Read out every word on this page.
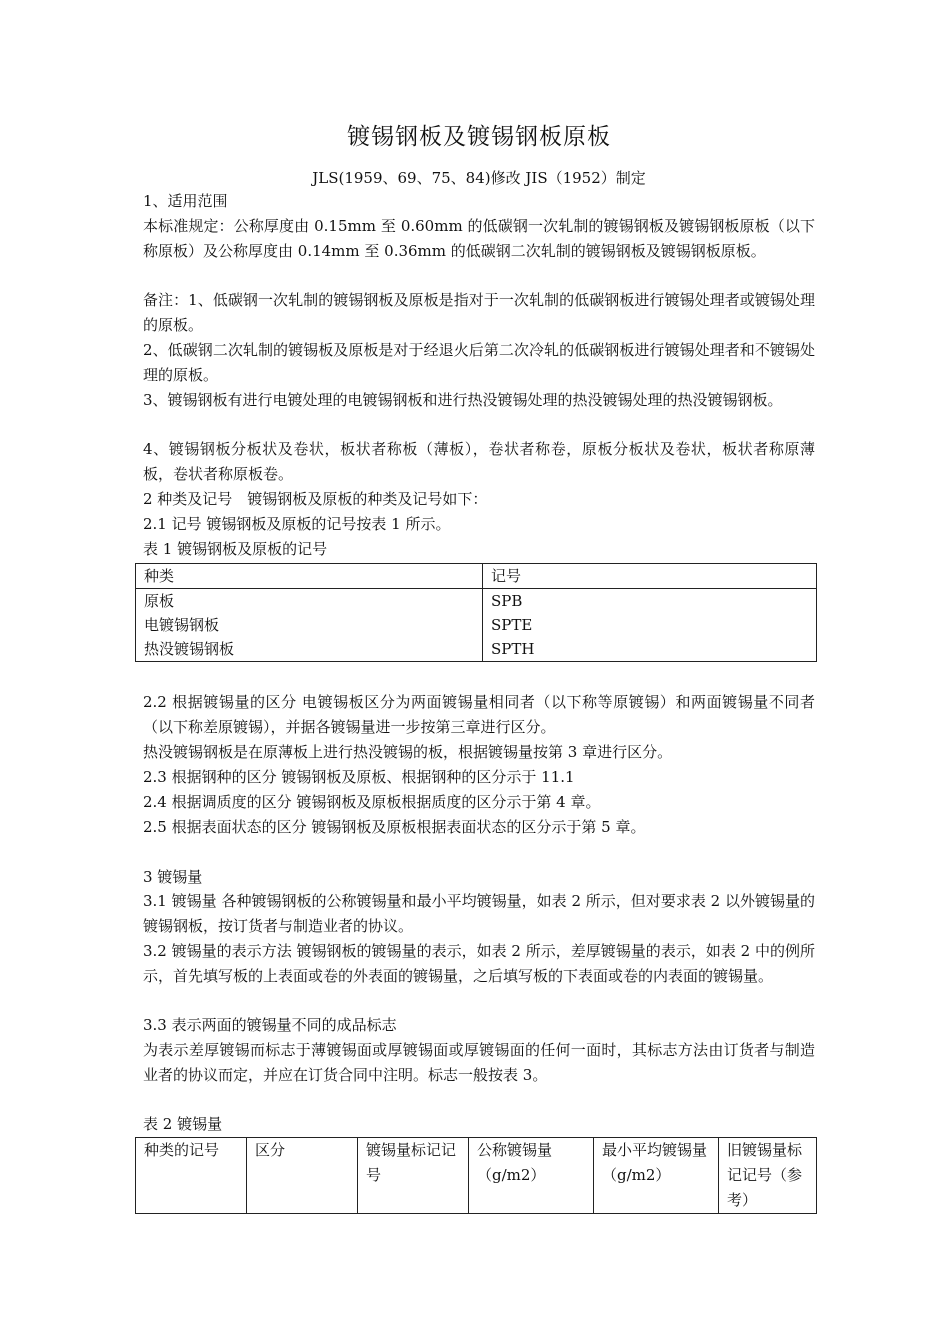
镀锡钢板及镀锡钢板原板
JLS(1959、69、75、84)修改 JIS（1952）制定

1、适用范围

本标准规定：公称厚度由 0.15mm 至 0.60mm 的低碳钢一次轧制的镀锡钢板及镀锡钢板原板（以下称原板）及公称厚度由 0.14mm 至 0.36mm 的低碳钢二次轧制的镀锡钢板及镀锡钢板原板。

备注：1、低碳钢一次轧制的镀锡钢板及原板是指对于一次轧制的低碳钢板进行镀锡处理者或镀锡处理的原板。

2、低碳钢二次轧制的镀锡板及原板是对于经退火后第二次冷轧的低碳钢板进行镀锡处理者和不镀锡处理的原板。

3、镀锡钢板有进行电镀处理的电镀锡钢板和进行热没镀锡处理的热没镀锡处理的热没镀锡钢板。

4、镀锡钢板分板状及卷状，板状者称板（薄板），卷状者称卷，原板分板状及卷状，板状者称原薄板，卷状者称原板卷。

2 种类及记号　镀锡钢板及原板的种类及记号如下：

2.1 记号 镀锡钢板及原板的记号按表 1 所示。

表 1 镀锡钢板及原板的记号

种类	记号
原板	SPB
电镀锡钢板	SPTE
热没镀锡钢板	SPTH

2.2 根据镀锡量的区分 电镀锡板区分为两面镀锡量相同者（以下称等原镀锡）和两面镀锡量不同者（以下称差原镀锡），并据各镀锡量进一步按第三章进行区分。

热没镀锡钢板是在原薄板上进行热没镀锡的板，根据镀锡量按第 3 章进行区分。

2.3 根据钢种的区分 镀锡钢板及原板、根据钢种的区分示于 11.1

2.4 根据调质度的区分 镀锡钢板及原板根据质度的区分示于第 4 章。

2.5 根据表面状态的区分 镀锡钢板及原板根据表面状态的区分示于第 5 章。

3 镀锡量

3.1 镀锡量 各种镀锡钢板的公称镀锡量和最小平均镀锡量，如表 2 所示，但对要求表 2 以外镀锡量的镀锡钢板，按订货者与制造业者的协议。

3.2 镀锡量的表示方法 镀锡钢板的镀锡量的表示，如表 2 所示，差厚镀锡量的表示，如表 2 中的例所示，首先填写板的上表面或卷的外表面的镀锡量，之后填写板的下表面或卷的内表面的镀锡量。

3.3 表示两面的镀锡量不同的成品标志

为表示差厚镀锡而标志于薄镀锡面或厚镀锡面或厚镀锡面的任何一面时，其标志方法由订货者与制造业者的协议而定，并应在订货合同中注明。标志一般按表 3。

表 2 镀锡量

种类的记号	区分	镀锡量标记记号	公称镀锡量（g/m2）	最小平均镀锡量（g/m2）	旧镀锡量标记记号（参考）
